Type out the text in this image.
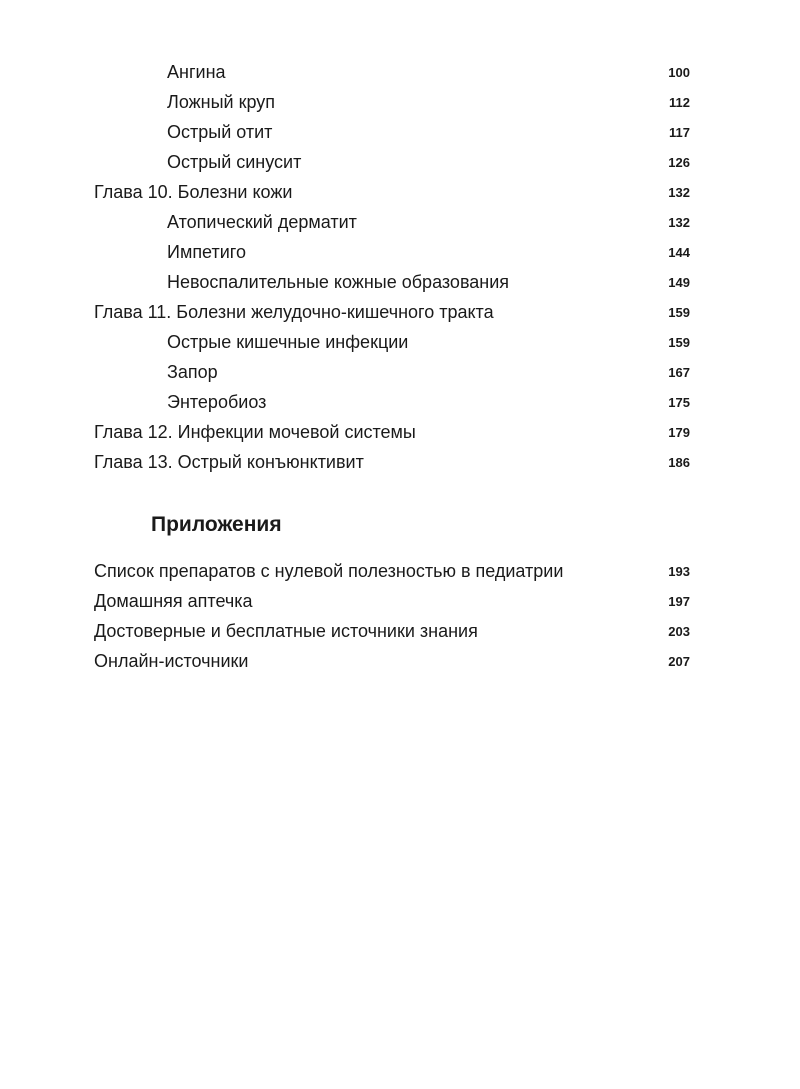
Ангина	100
Ложный круп	112
Острый отит	117
Острый синусит	126
Глава 10. Болезни кожи	132
Атопический дерматит	132
Импетиго	144
Невоспалительные кожные образования	149
Глава 11. Болезни желудочно-кишечного тракта	159
Острые кишечные инфекции	159
Запор	167
Энтеробиоз	175
Глава 12. Инфекции мочевой системы	179
Глава 13. Острый конъюнктивит	186
Приложения
Список препаратов с нулевой полезностью в педиатрии	193
Домашняя аптечка	197
Достоверные и бесплатные источники знания	203
Онлайн-источники	207
